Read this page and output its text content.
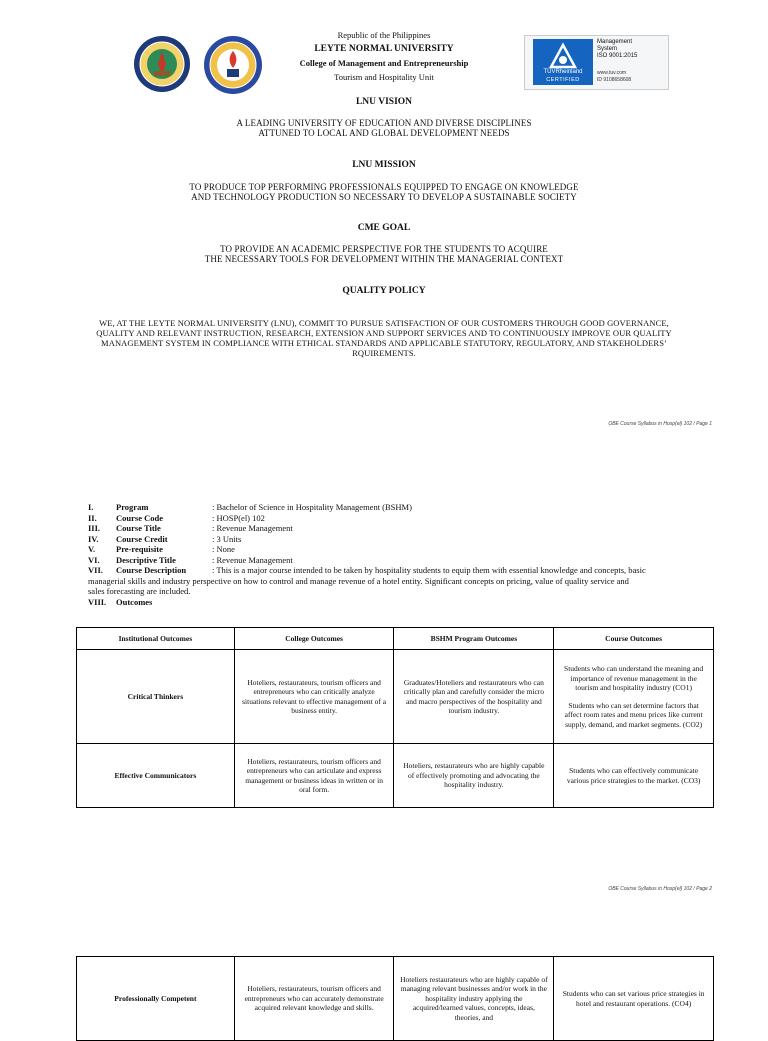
Republic of the Philippines
LEYTE NORMAL UNIVERSITY
College of Management and Entrepreneurship
Tourism and Hospitality Unit	TÜVRheinland
CERTIFIED
Management
System
ISO 9001:2015
www.tuv.com
ID 9108658608
LNU VISION
A LEADING UNIVERSITY OF EDUCATION AND DIVERSE DISCIPLINES
ATTUNED TO LOCAL AND GLOBAL DEVELOPMENT NEEDS
LNU MISSION
TO PRODUCE TOP PERFORMING PROFESSIONALS EQUIPPED TO ENGAGE ON KNOWLEDGE
AND TECHNOLOGY PRODUCTION SO NECESSARY TO DEVELOP A SUSTAINABLE SOCIETY
CME GOAL
TO PROVIDE AN ACADEMIC PERSPECTIVE FOR THE STUDENTS TO ACQUIRE
THE NECESSARY TOOLS FOR DEVELOPMENT WITHIN THE MANAGERIAL CONTEXT
QUALITY POLICY
WE, AT THE LEYTE NORMAL UNIVERSITY (LNU), COMMIT TO PURSUE SATISFACTION OF OUR CUSTOMERS THROUGH GOOD GOVERNANCE,
QUALITY AND RELEVANT INSTRUCTION, RESEARCH, EXTENSION AND SUPPORT SERVICES AND TO CONTINUOUSLY IMPROVE OUR QUALITY
MANAGEMENT SYSTEM IN COMPLIANCE WITH ETHICAL STANDARDS AND APPLICABLE STATUTORY, REGULATORY, AND STAKEHOLDERS’
RQUIREMENTS.
OBE Course Syllabus in Hosp(el) 102 / Page 1
I.	Program	: Bachelor of Science in Hospitality Management (BSHM)
II.	Course Code	: HOSP(el) 102
III.	Course Title	: Revenue Management
IV.	Course Credit	: 3 Units
V.	Pre-requisite	: None
VI.	Descriptive Title	: Revenue Management
VII.	Course Description	: This is a major course intended to be taken by hospitality students to equip them with essential knowledge and concepts, basic
managerial skills and industry perspective on how to control and manage revenue of a hotel entity. Significant concepts on pricing, value of quality service and
sales forecasting are included.
VIII.	Outcomes
Institutional Outcomes	College Outcomes	BSHM Program Outcomes	Course Outcomes
Critical Thinkers	Hoteliers, restaurateurs, tourism officers and entrepreneurs who can critically analyze situations relevant to effective management of a business entity.	Graduates/Hoteliers and restaurateurs who can critically plan and carefully consider the micro and macro perspectives of the hospitality and tourism industry.	Students who can understand the meaning and importance of revenue management in the tourism and hospitality industry (CO1)
Students who can set determine factors that affect room rates and menu prices like current supply, demand, and market segments. (CO2)

Effective Communicators	Hoteliers, restaurateurs, tourism officers and entrepreneurs who can articulate and express management or business ideas in written or in oral form.	Hoteliers, restaurateurs who are highly capable of effectively promoting and advocating the hospitality industry.	Students who can effectively communicate various price strategies to the market. (CO3)
OBE Course Syllabus in Hosp(el) 102 / Page 2
Professionally Competent	Hoteliers, restaurateurs, tourism officers and entrepreneurs who can accurately demonstrate acquired relevant knowledge and skills.	Hoteliers restaurateurs who are highly capable of managing relevant businesses and/or work in the hospitality industry applying the acquired/learned values, concepts, ideas, theories, and	Students who can set various price strategies in hotel and restaurant operations. (CO4)
